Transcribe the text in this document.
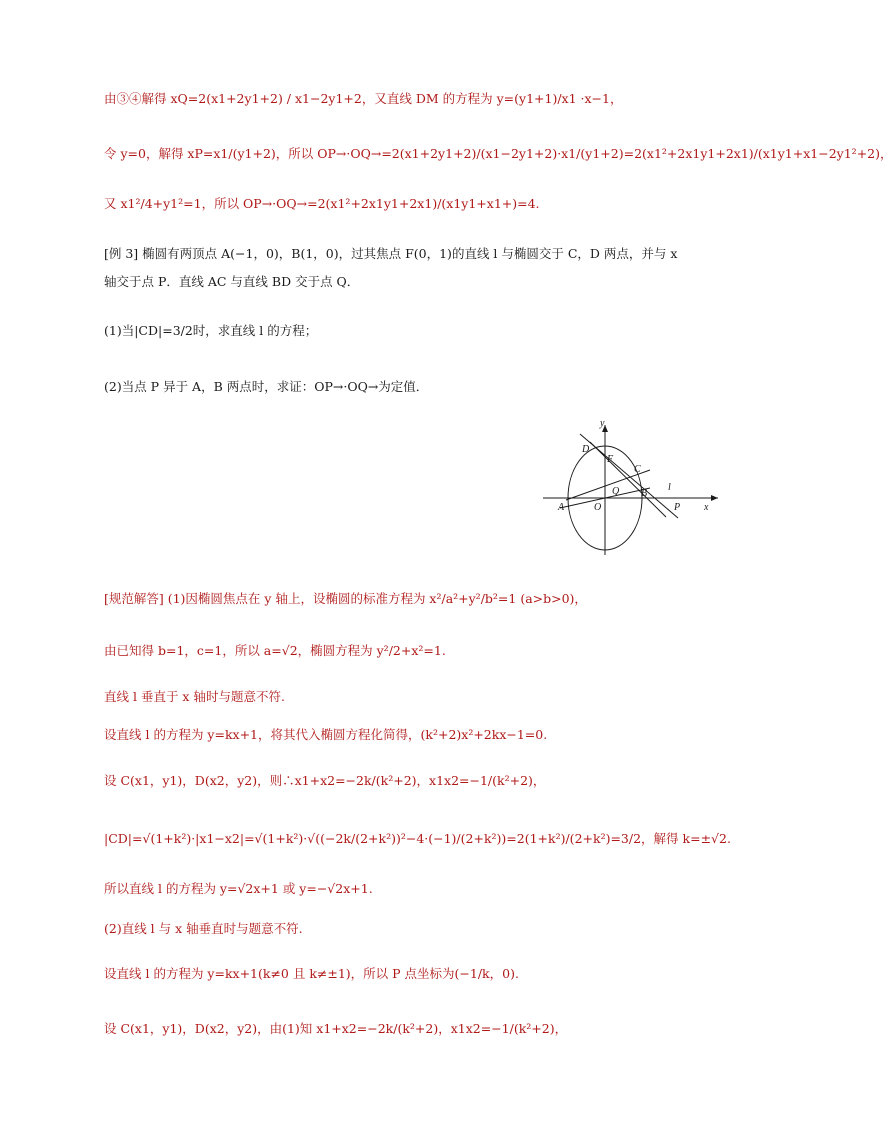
由③④解得 xQ=2(x1+2y1+2) / x1−2y1+2，又直线 DM 的方程为 y=(y1+1)/x1 ·x−1，
令 y=0，解得 xP=x1/(y1+2)，所以 OP→·OQ→=2(x1+2y1+2)/(x1−2y1+2)·x1/(y1+2)=2(x1²+2x1y1+2x1)/(x1y1+x1−2y1²+2)，
又 x1²/4+y1²=1，所以 OP→·OQ→=2(x1²+2x1y1+2x1)/(x1y1+x1+)=4.
[例 3] 椭圆有两顶点 A(−1，0)，B(1，0)，过其焦点 F(0，1)的直线 l 与椭圆交于 C，D 两点，并与 x
轴交于点 P．直线 AC 与直线 BD 交于点 Q．
(1)当|CD|=3/2时，求直线 l 的方程；
(2)当点 P 异于 A，B 两点时，求证：OP→·OQ→为定值．
y
x
D
F
C
Q B
l
A	O	P
[规范解答] (1)因椭圆焦点在 y 轴上，设椭圆的标准方程为 x²/a²+y²/b²=1 (a>b>0)，
由已知得 b=1，c=1，所以 a=√2，椭圆方程为 y²/2+x²=1.
直线 l 垂直于 x 轴时与题意不符.
设直线 l 的方程为 y=kx+1，将其代入椭圆方程化简得，(k²+2)x²+2kx−1=0.
设 C(x1，y1)，D(x2，y2)，则∴x1+x2=−2k/(k²+2)，x1x2=−1/(k²+2)，
|CD|=√(1+k²)·|x1−x2|=√(1+k²)·√((−2k/(2+k²))²−4·(−1)/(2+k²))=2(1+k²)/(2+k²)=3/2，解得 k=±√2.
所以直线 l 的方程为 y=√2x+1 或 y=−√2x+1.
(2)直线 l 与 x 轴垂直时与题意不符.
设直线 l 的方程为 y=kx+1(k≠0 且 k≠±1)，所以 P 点坐标为(−1/k，0).
设 C(x1，y1)，D(x2，y2)，由(1)知 x1+x2=−2k/(k²+2)，x1x2=−1/(k²+2)，
